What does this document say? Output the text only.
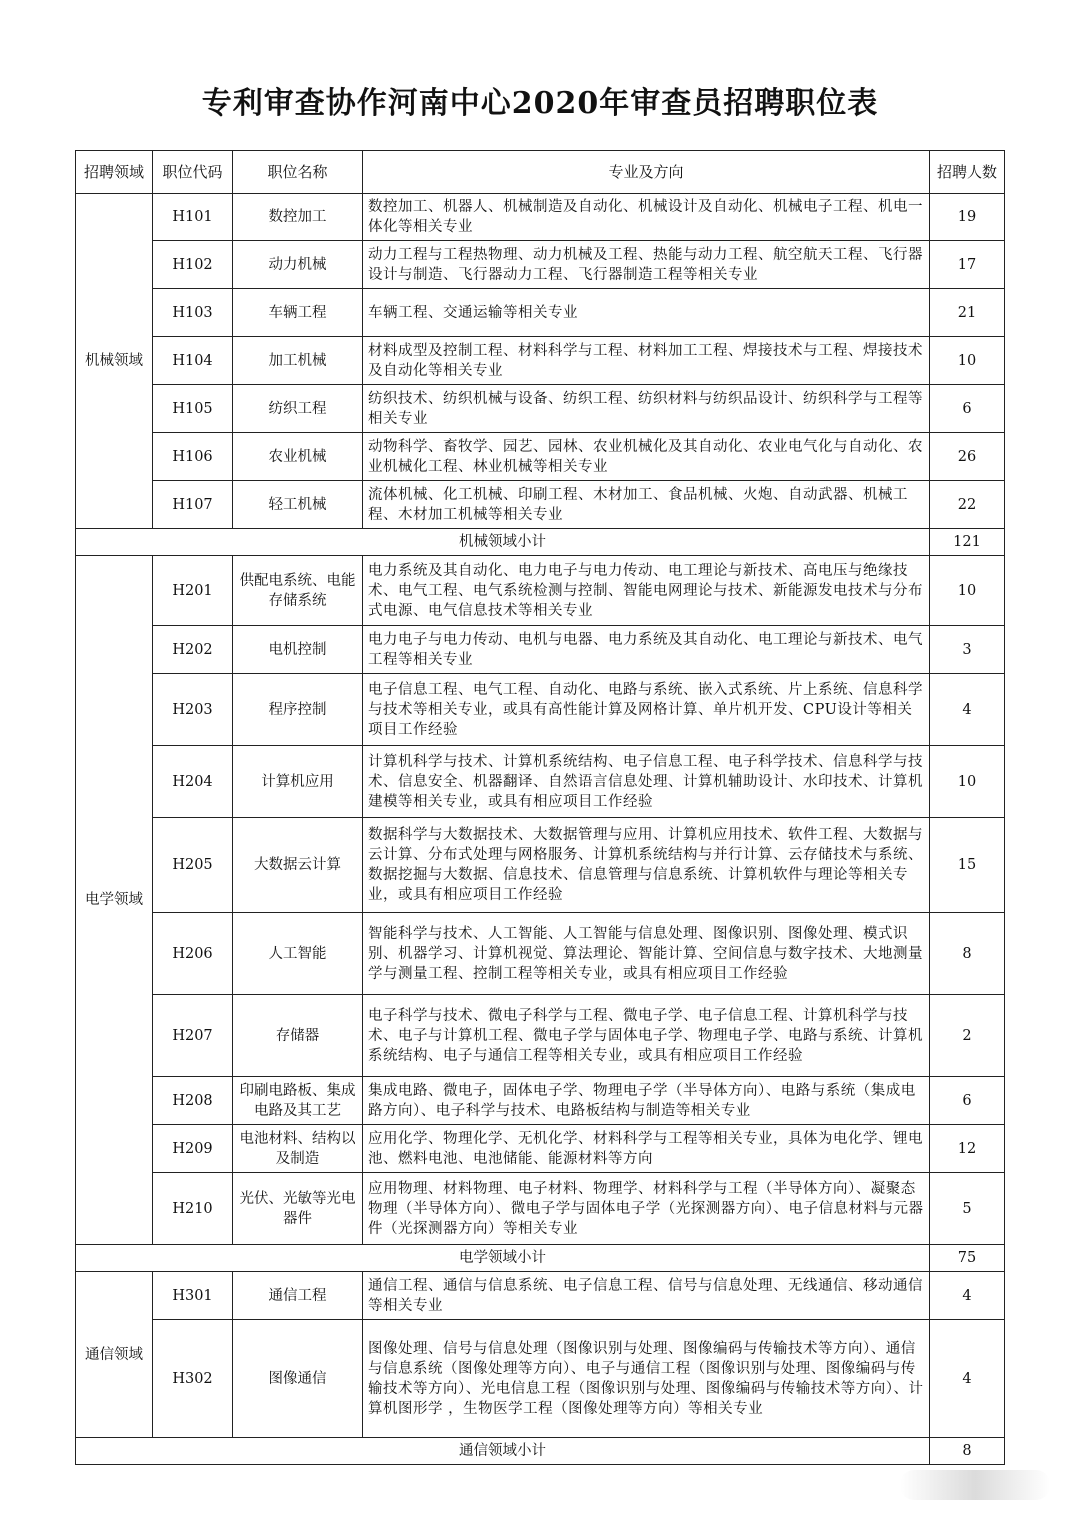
专利审查协作河南中心2020年审查员招聘职位表
招聘领域	职位代码	职位名称	专业及方向	招聘人数
机械领域	H101	数控加工	数控加工、机器人、机械制造及自动化、机械设计及自动化、机械电子工程、机电一体化等相关专业	19
	H102	动力机械	动力工程与工程热物理、动力机械及工程、热能与动力工程、航空航天工程、飞行器设计与制造、飞行器动力工程、飞行器制造工程等相关专业	17
	H103	车辆工程	车辆工程、交通运输等相关专业	21
	H104	加工机械	材料成型及控制工程、材料科学与工程、材料加工工程、焊接技术与工程、焊接技术及自动化等相关专业	10
	H105	纺织工程	纺织技术、纺织机械与设备、纺织工程、纺织材料与纺织品设计、纺织科学与工程等相关专业	6
	H106	农业机械	动物科学、畜牧学、园艺、园林、农业机械化及其自动化、农业电气化与自动化、农业机械化工程、林业机械等相关专业	26
	H107	轻工机械	流体机械、化工机械、印刷工程、木材加工、食品机械、火炮、自动武器、机械工程、木材加工机械等相关专业	22
机械领域小计				121
电学领域	H201	供配电系统、电能存储系统	电力系统及其自动化、电力电子与电力传动、电工理论与新技术、高电压与绝缘技术、电气工程、电气系统检测与控制、智能电网理论与技术、新能源发电技术与分布式电源、电气信息技术等相关专业	10
	H202	电机控制	电力电子与电力传动、电机与电器、电力系统及其自动化、电工理论与新技术、电气工程等相关专业	3
	H203	程序控制	电子信息工程、电气工程、自动化、电路与系统、嵌入式系统、片上系统、信息科学与技术等相关专业，或具有高性能计算及网格计算、单片机开发、CPU设计等相关项目工作经验	4
	H204	计算机应用	计算机科学与技术、计算机系统结构、电子信息工程、电子科学技术、信息科学与技术、信息安全、机器翻译、自然语言信息处理、计算机辅助设计、水印技术、计算机建模等相关专业，或具有相应项目工作经验	10
	H205	大数据云计算	数据科学与大数据技术、大数据管理与应用、计算机应用技术、软件工程、大数据与云计算、分布式处理与网格服务、计算机系统结构与并行计算、云存储技术与系统、数据挖掘与大数据、信息技术、信息管理与信息系统、计算机软件与理论等相关专业，或具有相应项目工作经验	15
	H206	人工智能	智能科学与技术、人工智能、人工智能与信息处理、图像识别、图像处理、模式识别、机器学习、计算机视觉、算法理论、智能计算、空间信息与数字技术、大地测量学与测量工程、控制工程等相关专业，或具有相应项目工作经验	8
	H207	存储器	电子科学与技术、微电子科学与工程、微电子学、电子信息工程、计算机科学与技术、电子与计算机工程、微电子学与固体电子学、物理电子学、电路与系统、计算机系统结构、电子与通信工程等相关专业，或具有相应项目工作经验	2
	H208	印刷电路板、集成电路及其工艺	集成电路、微电子，固体电子学、物理电子学（半导体方向）、电路与系统（集成电路方向）、电子科学与技术、电路板结构与制造等相关专业	6
	H209	电池材料、结构以及制造	应用化学、物理化学、无机化学、材料科学与工程等相关专业，具体为电化学、锂电池、燃料电池、电池储能、能源材料等方向	12
	H210	光伏、光敏等光电器件	应用物理、材料物理、电子材料、物理学、材料科学与工程（半导体方向）、凝聚态物理（半导体方向）、微电子学与固体电子学（光探测器方向）、电子信息材料与元器件（光探测器方向）等相关专业	5
电学领域小计				75
通信领域	H301	通信工程	通信工程、通信与信息系统、电子信息工程、信号与信息处理、无线通信、移动通信等相关专业	4
	H302	图像通信	图像处理、信号与信息处理（图像识别与处理、图像编码与传输技术等方向）、通信与信息系统（图像处理等方向）、电子与通信工程（图像识别与处理、图像编码与传输技术等方向）、光电信息工程（图像识别与处理、图像编码与传输技术等方向）、计算机图形学 ，生物医学工程（图像处理等方向）等相关专业	4
通信领域小计				8
